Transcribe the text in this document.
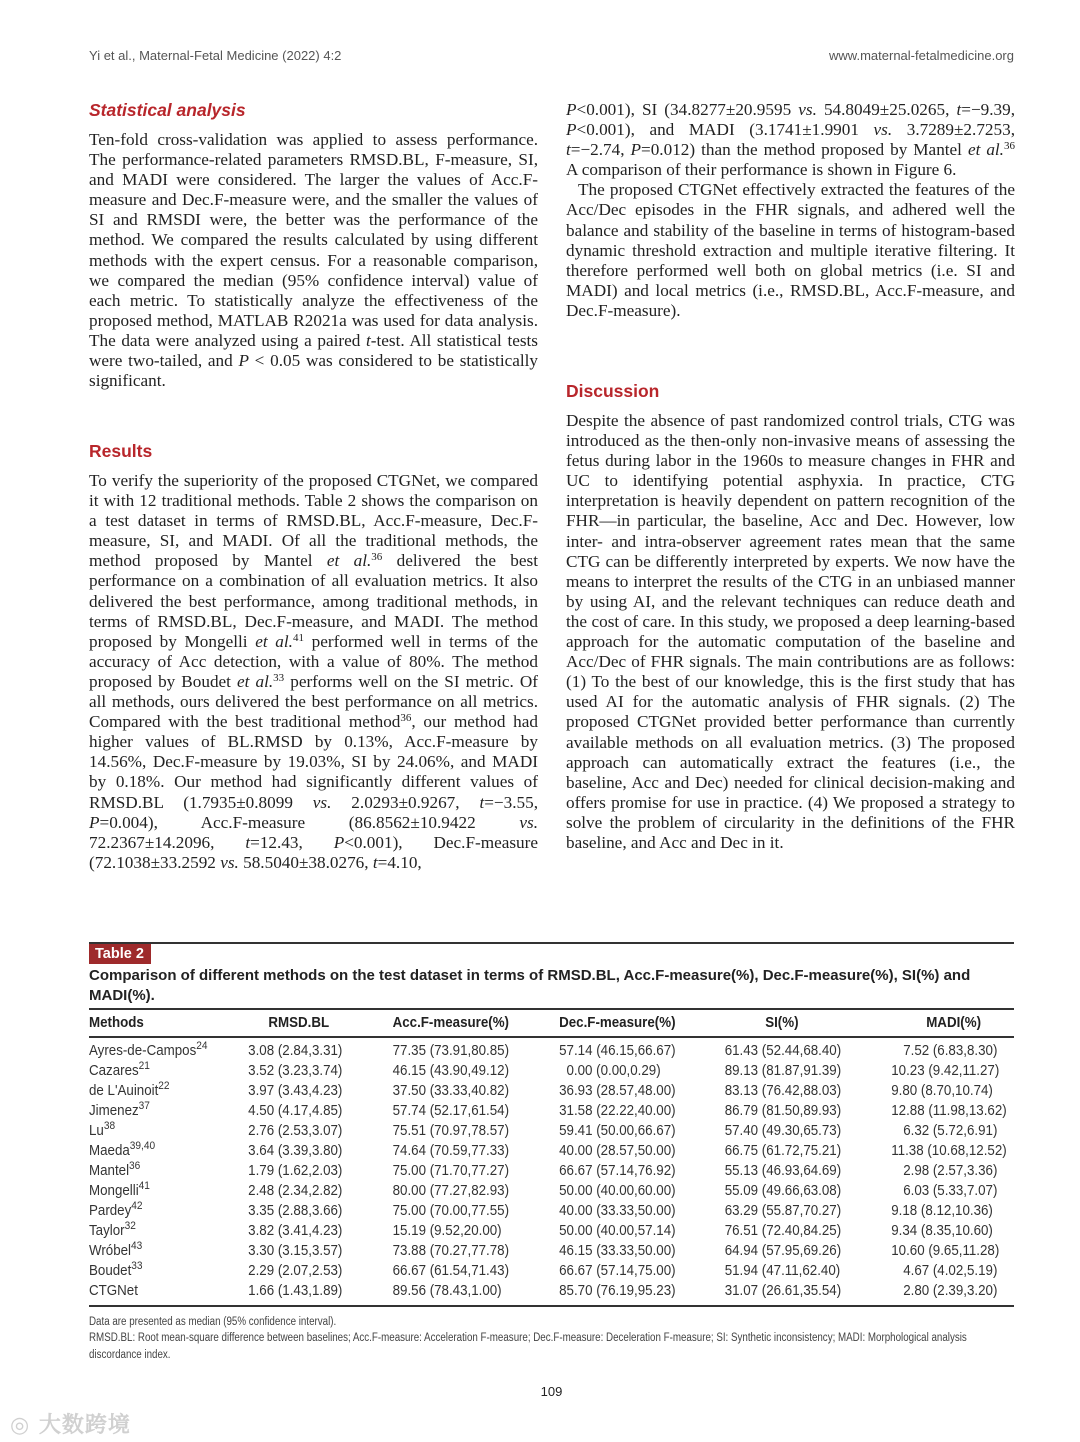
Yi et al., Maternal-Fetal Medicine (2022) 4:2	www.maternal-fetalmedicine.org
Statistical analysis

Ten-fold cross-validation was applied to assess performance. The performance-related parameters RMSD.BL, F-measure, SI, and MADI were considered. The larger the values of Acc.F-measure and Dec.F-measure were, and the smaller the values of SI and RMSDI were, the better was the performance of the method. We compared the results calculated by using different methods with the expert census. For a reasonable comparison, we compared the median (95% confidence interval) value of each metric. To statistically analyze the effectiveness of the proposed method, MATLAB R2021a was used for data analysis. The data were analyzed using a paired t-test. All statistical tests were two-tailed, and P < 0.05 was considered to be statistically significant.

Results

To verify the superiority of the proposed CTGNet, we compared it with 12 traditional methods. Table 2 shows the comparison on a test dataset in terms of RMSD.BL, Acc.F-measure, Dec.F-measure, SI, and MADI. Of all the traditional methods, the method proposed by Mantel et al.$^{36}$ delivered the best performance on a combination of all evaluation metrics. It also delivered the best performance, among traditional methods, in terms of RMSD.BL, Dec.F-measure, and MADI. The method proposed by Mongelli et al.$^{41}$ performed well in terms of the accuracy of Acc detection, with a value of 80%. The method proposed by Boudet et al.$^{33}$ performs well on the SI metric. Of all methods, ours delivered the best performance on all metrics. Compared with the best traditional method$^{36}$, our method had higher values of BL.RMSD by 0.13%, Acc.F-measure by 14.56%, Dec.F-measure by 19.03%, SI by 24.06%, and MADI by 0.18%. Our method had significantly different values of RMSD.BL (1.7935±0.8099 vs. 2.0293±0.9267, t=−3.55, P=0.004), Acc.F-measure (86.8562±10.9422 vs. 72.2367±14.2096, t=12.43, P<0.001), Dec.F-measure (72.1038±33.2592 vs. 58.5040±38.0276, t=4.10,

P<0.001), SI (34.8277±20.9595 vs. 54.8049±25.0265, t=−9.39, P<0.001), and MADI (3.1741±1.9901 vs. 3.7289±2.7253, t=−2.74, P=0.012) than the method proposed by Mantel et al.$^{36}$ A comparison of their performance is shown in Figure 6.

The proposed CTGNet effectively extracted the features of the Acc/Dec episodes in the FHR signals, and adhered well the balance and stability of the baseline in terms of histogram-based dynamic threshold extraction and multiple iterative filtering. It therefore performed well both on global metrics (i.e. SI and MADI) and local metrics (i.e., RMSD.BL, Acc.F-measure, and Dec.F-measure).

Discussion

Despite the absence of past randomized control trials, CTG was introduced as the then-only non-invasive means of assessing the fetus during labor in the 1960s to measure changes in FHR and UC to identifying potential asphyxia. In practice, CTG interpretation is heavily dependent on pattern recognition of the FHR—in particular, the baseline, Acc and Dec. However, low inter- and intra-observer agreement rates mean that the same CTG can be differently interpreted by experts. We now have the means to interpret the results of the CTG in an unbiased manner by using AI, and the relevant techniques can reduce death and the cost of care. In this study, we proposed a deep learning-based approach for the automatic computation of the baseline and Acc/Dec of FHR signals. The main contributions are as follows: (1) To the best of our knowledge, this is the first study that has used AI for the automatic analysis of FHR signals. (2) The proposed CTGNet provided better performance than currently available methods on all evaluation metrics. (3) The proposed approach can automatically extract the features (i.e., the baseline, Acc and Dec) needed for clinical decision-making and offers promise for use in practice. (4) We proposed a strategy to solve the problem of circularity in the definitions of the FHR baseline, and Acc and Dec in it.

Table 2
Comparison of different methods on the test dataset in terms of RMSD.BL, Acc.F-measure(%), Dec.F-measure(%), SI(%) and MADI(%).
Methods	RMSD.BL	Acc.F-measure(%)	Dec.F-measure(%)	SI(%)	MADI(%)
Ayres-de-Campos$^{24}$	3.08 (2.84,3.31)	77.35 (73.91,80.85)	57.14 (46.15,66.67)	61.43 (52.44,68.40)	7.52 (6.83,8.30)
Cazares$^{21}$	3.52 (3.23,3.74)	46.15 (43.90,49.12)	0.00 (0.00,0.29)	89.13 (81.87,91.39)	10.23 (9.42,11.27)
de L'Auinoit$^{22}$	3.97 (3.43,4.23)	37.50 (33.33,40.82)	36.93 (28.57,48.00)	83.13 (76.42,88.03)	9.80 (8.70,10.74)
Jimenez$^{37}$	4.50 (4.17,4.85)	57.74 (52.17,61.54)	31.58 (22.22,40.00)	86.79 (81.50,89.93)	12.88 (11.98,13.62)
Lu$^{38}$	2.76 (2.53,3.07)	75.51 (70.97,78.57)	59.41 (50.00,66.67)	57.40 (49.30,65.73)	6.32 (5.72,6.91)
Maeda$^{39,40}$	3.64 (3.39,3.80)	74.64 (70.59,77.33)	40.00 (28.57,50.00)	66.75 (61.72,75.21)	11.38 (10.68,12.52)
Mantel$^{36}$	1.79 (1.62,2.03)	75.00 (71.70,77.27)	66.67 (57.14,76.92)	55.13 (46.93,64.69)	2.98 (2.57,3.36)
Mongelli$^{41}$	2.48 (2.34,2.82)	80.00 (77.27,82.93)	50.00 (40.00,60.00)	55.09 (49.66,63.08)	6.03 (5.33,7.07)
Pardey$^{42}$	3.35 (2.88,3.66)	75.00 (70.00,77.55)	40.00 (33.33,50.00)	63.29 (55.87,70.27)	9.18 (8.12,10.36)
Taylor$^{32}$	3.82 (3.41,4.23)	15.19 (9.52,20.00)	50.00 (40.00,57.14)	76.51 (72.40,84.25)	9.34 (8.35,10.60)
Wróbel$^{43}$	3.30 (3.15,3.57)	73.88 (70.27,77.78)	46.15 (33.33,50.00)	64.94 (57.95,69.26)	10.60 (9.65,11.28)
Boudet$^{33}$	2.29 (2.07,2.53)	66.67 (61.54,71.43)	66.67 (57.14,75.00)	51.94 (47.11,62.40)	4.67 (4.02,5.19)
CTGNet	1.66 (1.43,1.89)	89.56 (78.43,1.00)	85.70 (76.19,95.23)	31.07 (26.61,35.54)	2.80 (2.39,3.20)
Data are presented as median (95% confidence interval).
RMSD.BL: Root mean-square difference between baselines; Acc.F-measure: Acceleration F-measure; Dec.F-measure: Deceleration F-measure; SI: Synthetic inconsistency; MADI: Morphological analysis discordance index.
109
◎ 大数跨境
